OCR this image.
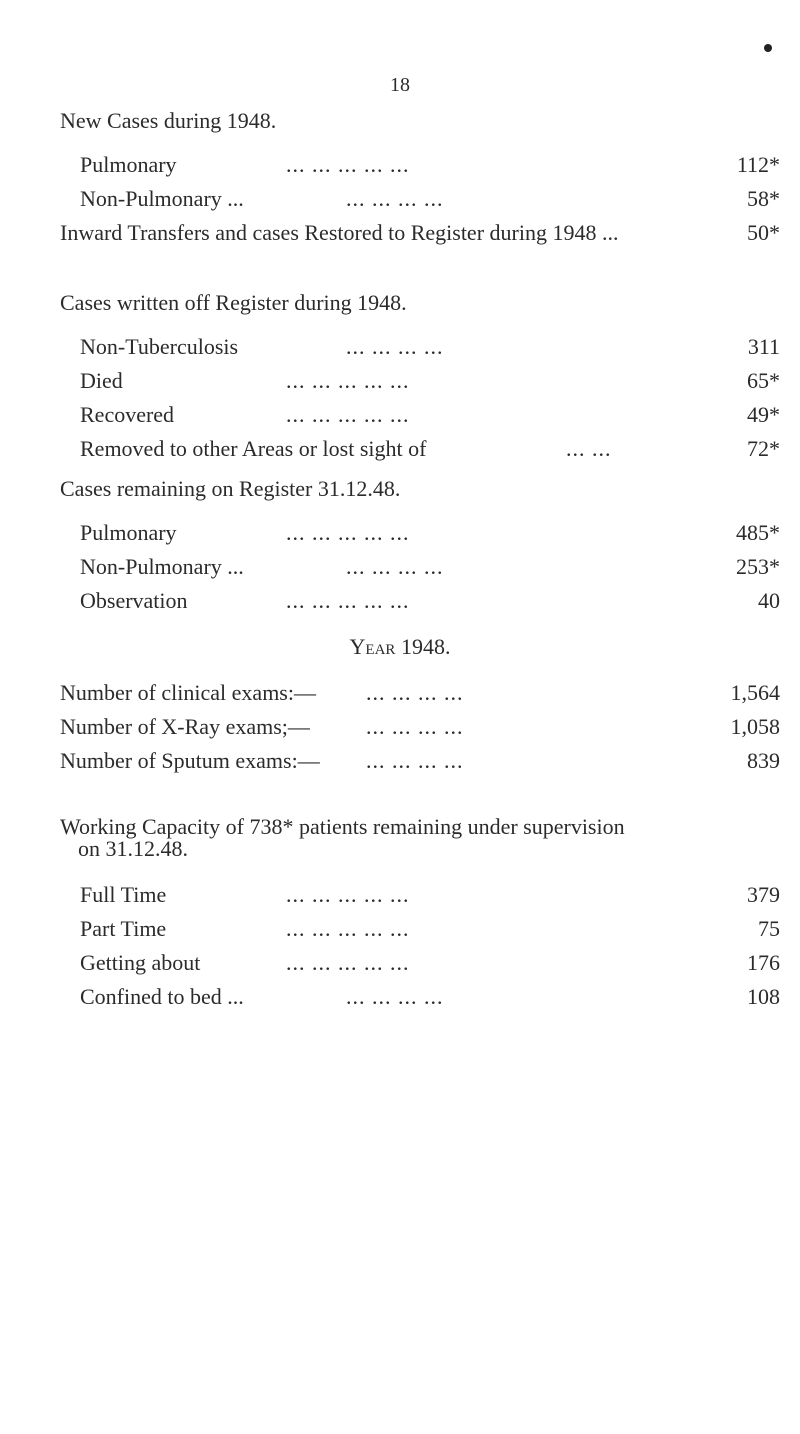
18
New Cases during 1948.
Pulmonary	... ... ... ... ...	112*
Non-Pulmonary ...	... ... ... ...	58*
Inward Transfers and cases Restored to Register during 1948 ...	50*
Cases written off Register during 1948.
Non-Tuberculosis	... ... ... ...	311
Died	... ... ... ... ...	65*
Recovered	... ... ... ... ...	49*
Removed to other Areas or lost sight of	... ...	72*
Cases remaining on Register 31.12.48.
Pulmonary	... ... ... ... ...	485*
Non-Pulmonary ...	... ... ... ...	253*
Observation	... ... ... ... ...	40
Year 1948.
Number of clinical exams:— ... ... ... ...	1,564
Number of X-Ray exams;—	... ... ... ...	1,058
Number of Sputum exams:— ... ... ... ...	839
Working Capacity of 738* patients remaining under supervision
on 31.12.48.
Full Time	... ... ... ... ...	379
Part Time	... ... ... ... ...	75
Getting about	... ... ... ... ...	176
Confined to bed ...	... ... ... ...	108
